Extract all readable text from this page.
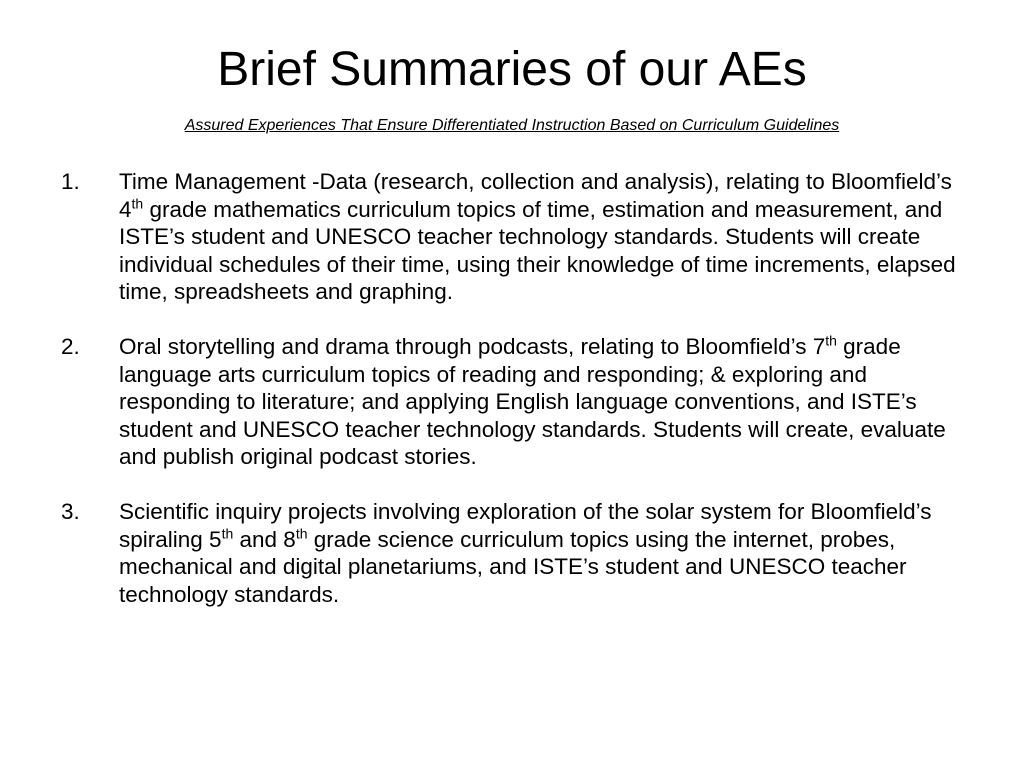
Brief Summaries of our AEs

Assured Experiences That Ensure Differentiated Instruction Based on Curriculum Guidelines

1. Time Management -Data (research, collection and analysis), relating to Bloomfield’s 4th grade mathematics curriculum topics of time, estimation and measurement, and ISTE’s student and UNESCO teacher technology standards. Students will create individual schedules of their time, using their knowledge of time increments, elapsed time, spreadsheets and graphing.
2. Oral storytelling and drama through podcasts, relating to Bloomfield’s 7th grade language arts curriculum topics of reading and responding; & exploring and responding to literature; and applying English language conventions, and ISTE’s student and UNESCO teacher technology standards. Students will create, evaluate and publish original podcast stories.
3. Scientific inquiry projects involving exploration of the solar system for Bloomfield’s spiraling 5th and 8th grade science curriculum topics using the internet, probes, mechanical and digital planetariums, and ISTE’s student and UNESCO teacher technology standards.
